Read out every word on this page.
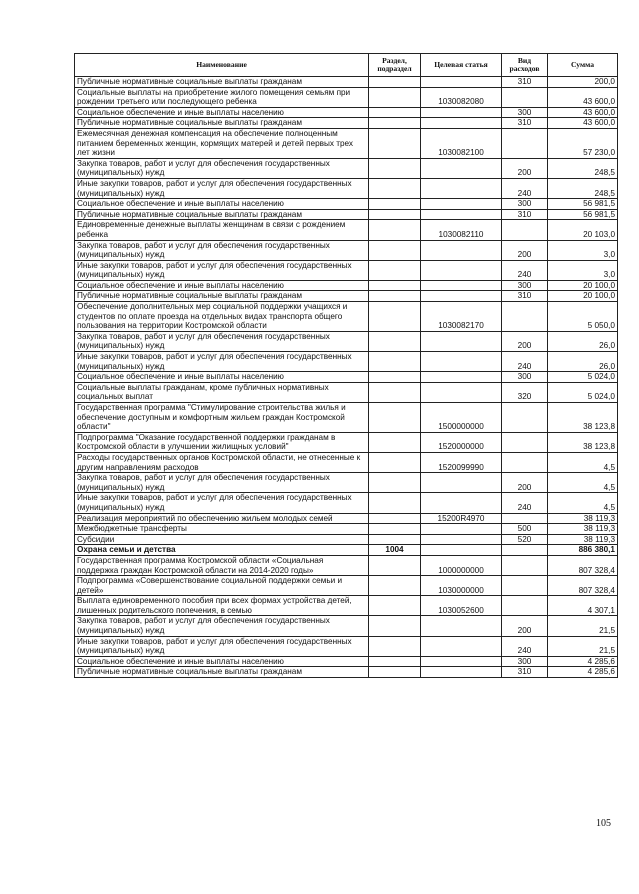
Наименование	Раздел, подраздел	Целевая статья	Вид расходов	Сумма
Публичные нормативные социальные выплаты гражданам			310	200,0
Социальные выплаты на приобретение жилого помещения семьям при рождении третьего или последующего ребенка		1030082080		43 600,0
Социальное обеспечение и иные выплаты населению			300	43 600,0
Публичные нормативные социальные выплаты гражданам			310	43 600,0
Ежемесячная денежная компенсация на обеспечение полноценным питанием беременных женщин, кормящих матерей и детей первых трех лет жизни		1030082100		57 230,0
Закупка товаров, работ и услуг для обеспечения государственных (муниципальных) нужд			200	248,5
Иные закупки товаров, работ и услуг для обеспечения государственных (муниципальных) нужд			240	248,5
Социальное обеспечение и иные выплаты населению			300	56 981,5
Публичные нормативные социальные выплаты гражданам			310	56 981,5
Единовременные денежные выплаты женщинам в связи с рождением ребенка		1030082110		20 103,0
Закупка товаров, работ и услуг для обеспечения государственных (муниципальных) нужд			200	3,0
Иные закупки товаров, работ и услуг для обеспечения государственных (муниципальных) нужд			240	3,0
Социальное обеспечение и иные выплаты населению			300	20 100,0
Публичные нормативные социальные выплаты гражданам			310	20 100,0
Обеспечение дополнительных мер социальной поддержки учащихся и студентов по оплате проезда на отдельных видах транспорта общего пользования на территории Костромской области		1030082170		5 050,0
Закупка товаров, работ и услуг для обеспечения государственных (муниципальных) нужд			200	26,0
Иные закупки товаров, работ и услуг для обеспечения государственных (муниципальных) нужд			240	26,0
Социальное обеспечение и иные выплаты населению			300	5 024,0
Социальные выплаты гражданам, кроме публичных нормативных социальных выплат			320	5 024,0
Государственная программа "Стимулирование строительства жилья и обеспечение доступным и комфортным жильем граждан Костромской области"		1500000000		38 123,8
Подпрограмма "Оказание государственной поддержки гражданам в Костромской области в улучшении жилищных условий"		1520000000		38 123,8
Расходы государственных органов Костромской области, не отнесенные к другим направлениям расходов		1520099990		4,5
Закупка товаров, работ и услуг для обеспечения государственных (муниципальных) нужд			200	4,5
Иные закупки товаров, работ и услуг для обеспечения государственных (муниципальных) нужд			240	4,5
Реализация мероприятий по обеспечению жильем молодых семей		15200R4970		38 119,3
Межбюджетные трансферты			500	38 119,3
Субсидии			520	38 119,3
Охрана семьи и детства	1004			886 380,1
Государственная программа Костромской области «Социальная поддержка граждан Костромской области на 2014-2020 годы»		1000000000		807 328,4
Подпрограмма «Совершенствование социальной поддержки семьи и детей»		1030000000		807 328,4
Выплата единовременного пособия при всех формах устройства детей, лишенных родительского попечения, в семью		1030052600		4 307,1
Закупка товаров, работ и услуг для обеспечения государственных (муниципальных) нужд			200	21,5
Иные закупки товаров, работ и услуг для обеспечения государственных (муниципальных) нужд			240	21,5
Социальное обеспечение и иные выплаты населению			300	4 285,6
Публичные нормативные социальные выплаты гражданам			310	4 285,6
105
